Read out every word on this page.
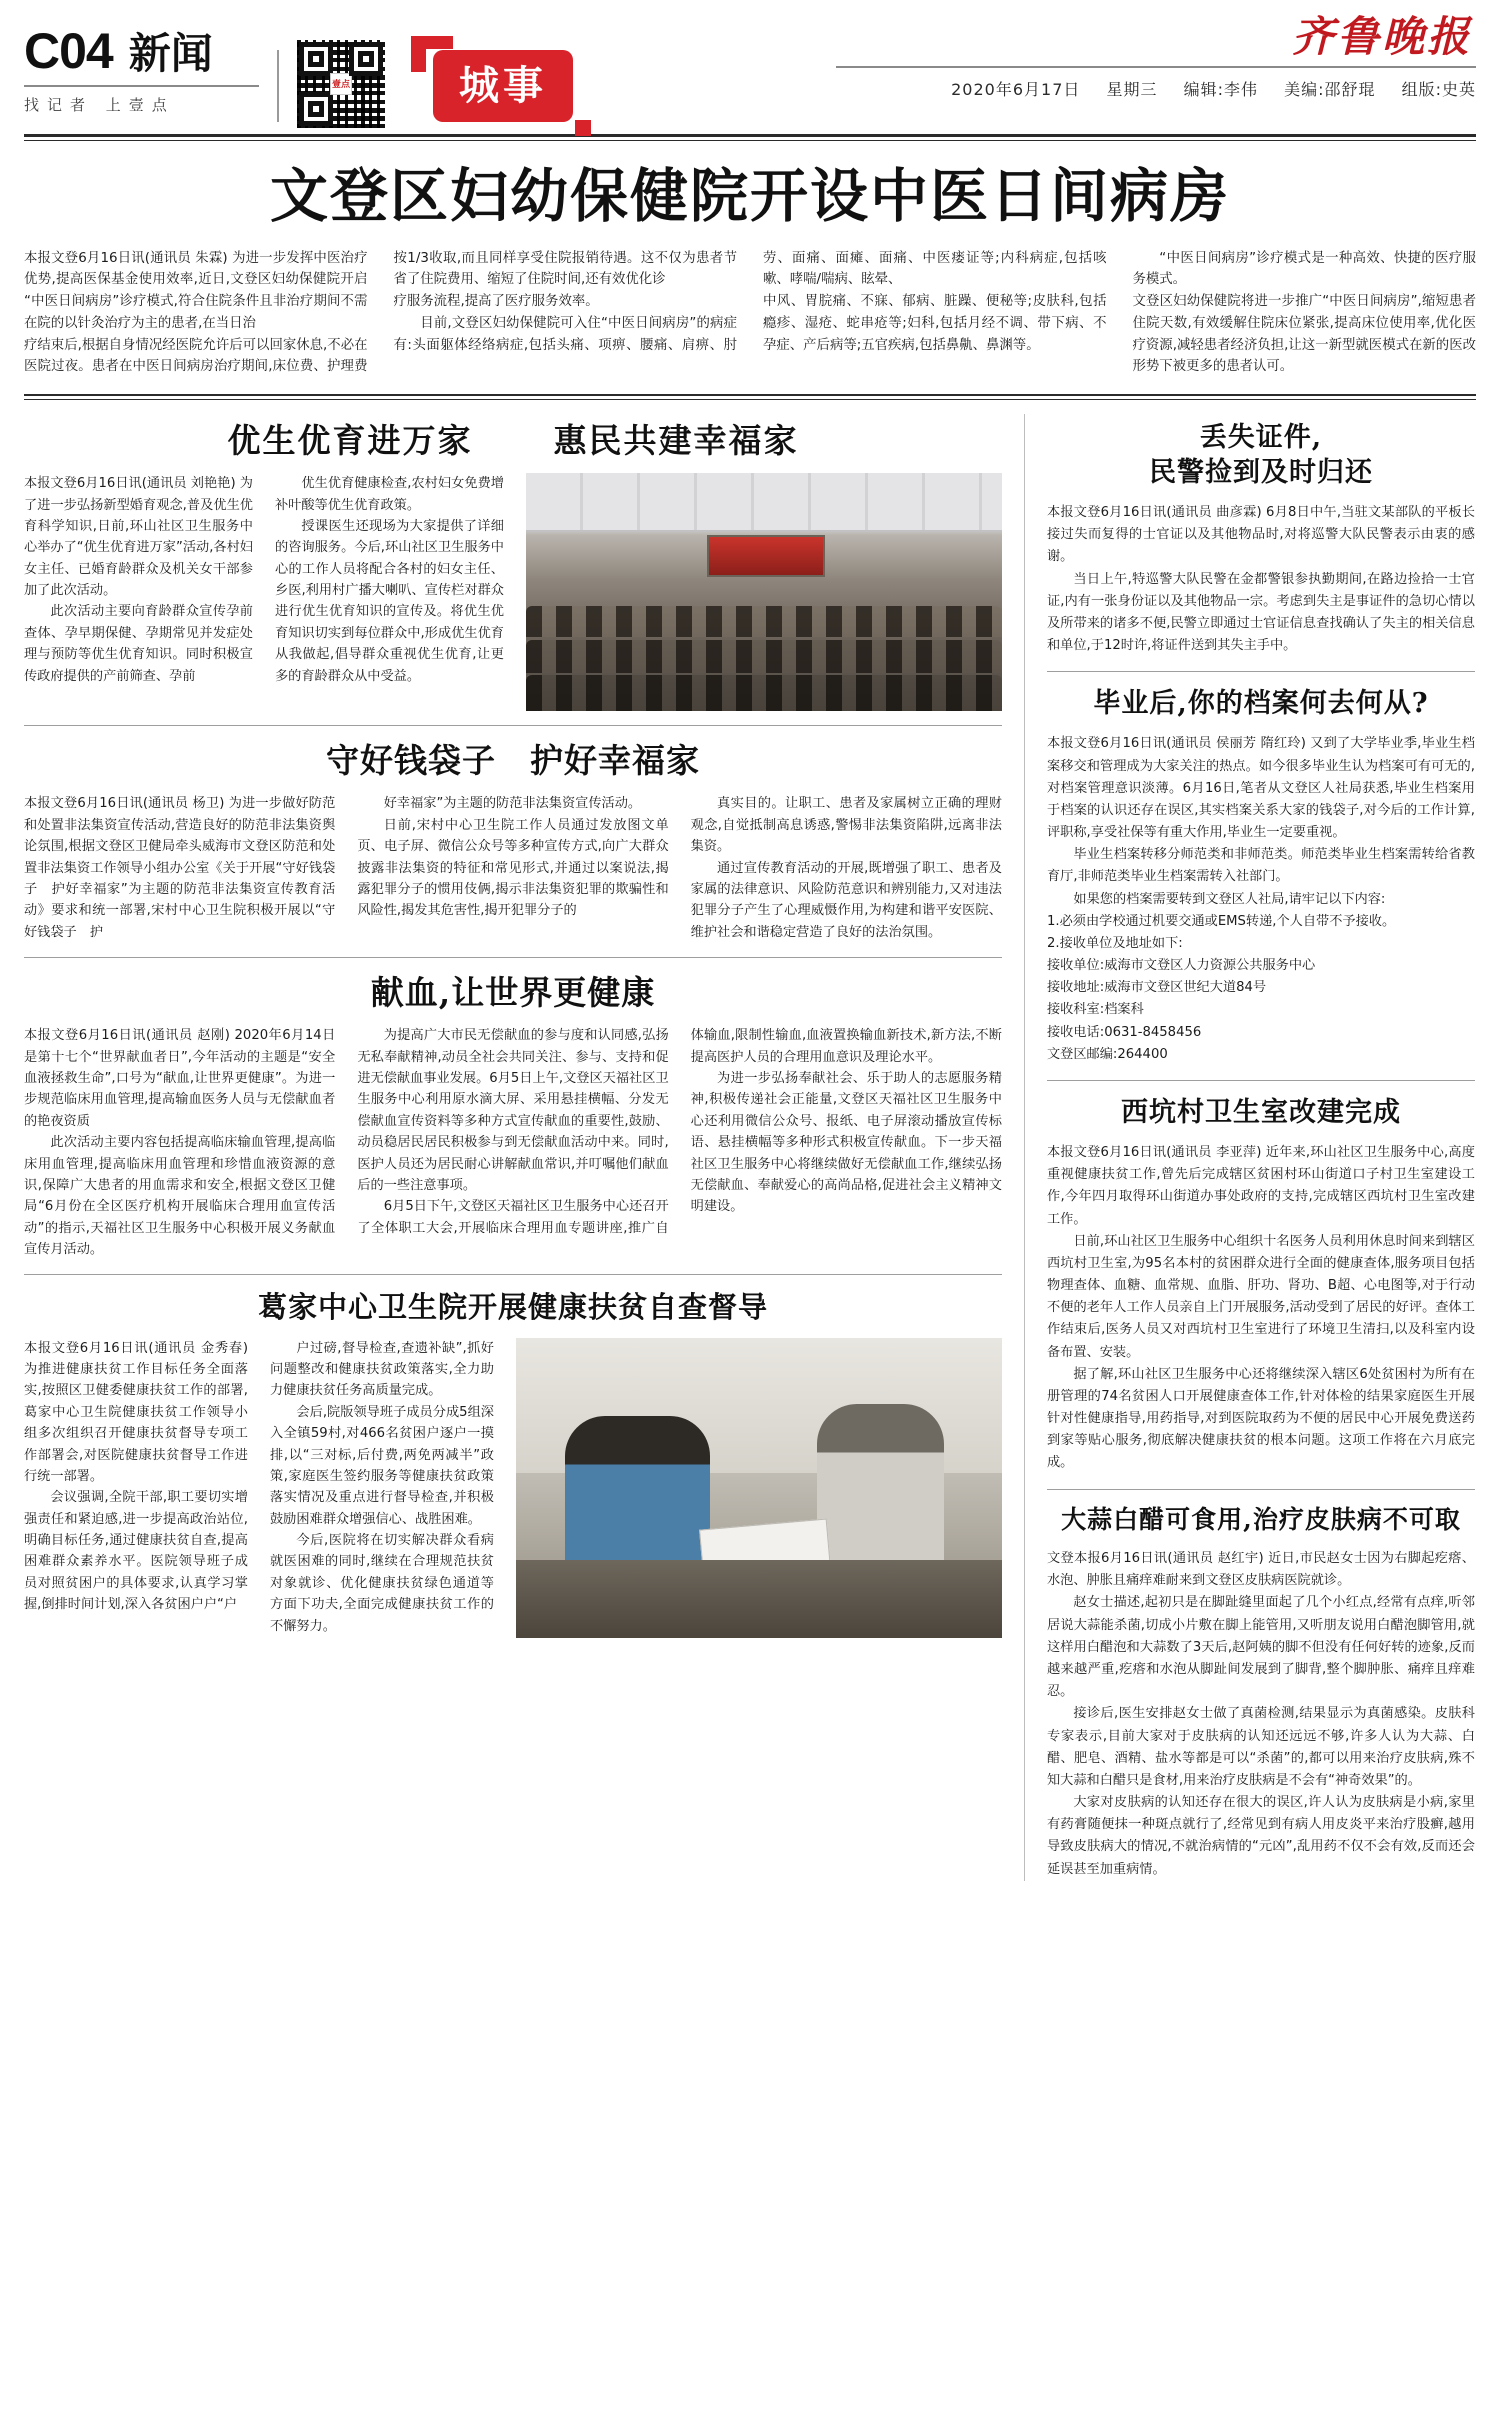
C04 新闻
找记者 上壹点
壹点	城事
齐鲁晚报
2020年6月17日 星期三 编辑:李伟 美编:邵舒琨 组版:史英
文登区妇幼保健院开设中医日间病房

本报文登6月16日讯(通讯员 朱霖) 为进一步发挥中医治疗优势,提高医保基金使用效率,近日,文登区妇幼保健院开启“中医日间病房”诊疗模式,符合住院条件且非治疗期间不需在院的以针灸治疗为主的患者,在当日治

疗结束后,根据自身情况经医院允许后可以回家休息,不必在医院过夜。患者在中医日间病房治疗期间,床位费、护理费按1/3收取,而且同样享受住院报销待遇。这不仅为患者节省了住院费用、缩短了住院时间,还有效优化诊

疗服务流程,提高了医疗服务效率。

目前,文登区妇幼保健院可入住“中医日间病房”的病症有:头面躯体经络病症,包括头痛、项痹、腰痛、肩痹、肘劳、面痛、面瘫、面痛、中医瘘证等;内科病症,包括咳嗽、哮喘/喘病、眩晕、

中风、胃脘痛、不寐、郁病、脏躁、便秘等;皮肤科,包括瘾疹、湿疮、蛇串疮等;妇科,包括月经不调、带下病、不孕症、产后病等;五官疾病,包括鼻鼽、鼻渊等。

“中医日间病房”诊疗模式是一种高效、快捷的医疗服务模式。

文登区妇幼保健院将进一步推广“中医日间病房”,缩短患者住院天数,有效缓解住院床位紧张,提高床位使用率,优化医疗资源,减轻患者经济负担,让这一新型就医模式在新的医改形势下被更多的患者认可。

优生优育进万家 惠民共建幸福家

本报文登6月16日讯(通讯员 刘艳艳) 为了进一步弘扬新型婚育观念,普及优生优育科学知识,日前,环山社区卫生服务中心举办了“优生优育进万家”活动,各村妇女主任、已婚育龄群众及机关女干部参加了此次活动。

此次活动主要向育龄群众宣传孕前查体、孕早期保健、孕期常见并发症处理与预防等优生优育知识。同时积极宣传政府提供的产前筛查、孕前

优生优育健康检查,农村妇女免费增补叶酸等优生优育政策。

授课医生还现场为大家提供了详细的咨询服务。今后,环山社区卫生服务中心的工作人员将配合各村的妇女主任、乡医,利用村广播大喇叭、宣传栏对群众进行优生优育知识的宣传及。将优生优育知识切实到每位群众中,形成优生优育从我做起,倡导群众重视优生优育,让更多的育龄群众从中受益。

守好钱袋子　护好幸福家

本报文登6月16日讯(通讯员 杨卫) 为进一步做好防范和处置非法集资宣传活动,营造良好的防范非法集资舆论氛围,根据文登区卫健局牵头威海市文登区防范和处置非法集资工作领导小组办公室《关于开展“守好钱袋子　护好幸福家”为主题的防范非法集资宣传教育活动》要求和统一部署,宋村中心卫生院积极开展以“守好钱袋子　护

好幸福家”为主题的防范非法集资宣传活动。

日前,宋村中心卫生院工作人员通过发放图文单页、电子屏、微信公众号等多种宣传方式,向广大群众披露非法集资的特征和常见形式,并通过以案说法,揭露犯罪分子的惯用伎俩,揭示非法集资犯罪的欺骗性和风险性,揭发其危害性,揭开犯罪分子的

真实目的。让职工、患者及家属树立正确的理财观念,自觉抵制高息诱惑,警惕非法集资陷阱,远离非法集资。

通过宣传教育活动的开展,既增强了职工、患者及家属的法律意识、风险防范意识和辨别能力,又对违法犯罪分子产生了心理威慑作用,为构建和谐平安医院、维护社会和谐稳定营造了良好的法治氛围。

献血,让世界更健康

本报文登6月16日讯(通讯员 赵刚) 2020年6月14日是第十七个“世界献血者日”,今年活动的主题是“安全血液拯救生命”,口号为“献血,让世界更健康”。为进一步规范临床用血管理,提高输血医务人员与无偿献血者的艳夜资质

此次活动主要内容包括提高临床输血管理,提高临床用血管理,提高临床用血管理和珍惜血液资源的意识,保障广大患者的用血需求和安全,根据文登区卫健局“6月份在全区医疗机构开展临床合理用血宣传活动”的指示,天福社区卫生服务中心积极开展义务献血宣传月活动。

为提高广大市民无偿献血的参与度和认同感,弘扬无私奉献精神,动员全社会共同关注、参与、支持和促进无偿献血事业发展。6月5日上午,文登区天福社区卫生服务中心利用原水滴大屏、采用悬挂横幅、分发无偿献血宣传资料等多种方式宣传献血的重要性,鼓励、动员稳居民居民积极参与到无偿献血活动中来。同时,医护人员还为居民耐心讲解献血常识,并叮嘱他们献血后的一些注意事项。

6月5日下午,文登区天福社区卫生服务中心还召开了全体职工大会,开展临床合理用血专题讲座,推广自体输血,限制性输血,血液置换输血新技术,新方法,不断提高医护人员的合理用血意识及理论水平。

为进一步弘扬奉献社会、乐于助人的志愿服务精神,积极传递社会正能量,文登区天福社区卫生服务中心还利用微信公众号、报纸、电子屏滚动播放宣传标语、悬挂横幅等多种形式积极宣传献血。下一步天福社区卫生服务中心将继续做好无偿献血工作,继续弘扬无偿献血、奉献爱心的高尚品格,促进社会主义精神文明建设。

葛家中心卫生院开展健康扶贫自查督导

本报文登6月16日讯(通讯员 金秀春) 为推进健康扶贫工作目标任务全面落实,按照区卫健委健康扶贫工作的部署,葛家中心卫生院健康扶贫工作领导小组多次组织召开健康扶贫督导专项工作部署会,对医院健康扶贫督导工作进行统一部署。

会议强调,全院干部,职工要切实增强责任和紧迫感,进一步提高政治站位,明确目标任务,通过健康扶贫自查,提高困难群众素养水平。医院领导班子成员对照贫困户的具体要求,认真学习掌握,倒排时间计划,深入各贫困户户“户

户过磅,督导检查,查遗补缺”,抓好问题整改和健康扶贫政策落实,全力助力健康扶贫任务高质量完成。

会后,院版领导班子成员分成5组深入全镇59村,对466名贫困户逐户一摸排,以“三对标,后付费,两免两减半”政策,家庭医生签约服务等健康扶贫政策落实情况及重点进行督导检查,并积极鼓励困难群众增强信心、战胜困难。

今后,医院将在切实解决群众看病就医困难的同时,继续在合理规范扶贫对象就诊、优化健康扶贫绿色通道等方面下功夫,全面完成健康扶贫工作的不懈努力。

丢失证件,
民警捡到及时归还

本报文登6月16日讯(通讯员 曲彦霖) 6月8日中午,当驻文某部队的平板长接过失而复得的士官证以及其他物品时,对将巡警大队民警表示由衷的感谢。

当日上午,特巡警大队民警在金都警银参执勤期间,在路边捡拾一士官证,内有一张身份证以及其他物品一宗。考虑到失主是事证件的急切心情以及所带来的诸多不便,民警立即通过士官证信息查找确认了失主的相关信息和单位,于12时许,将证件送到其失主手中。

毕业后,你的档案何去何从?

本报文登6月16日讯(通讯员 侯丽芳 隋红玲) 又到了大学毕业季,毕业生档案移交和管理成为大家关注的热点。如今很多毕业生认为档案可有可无的,对档案管理意识淡薄。6月16日,笔者从文登区人社局获悉,毕业生档案用于档案的认识还存在误区,其实档案关系大家的钱袋子,对今后的工作计算,评职称,享受社保等有重大作用,毕业生一定要重视。

毕业生档案转移分师范类和非师范类。师范类毕业生档案需转给省教育厅,非师范类毕业生档案需转入社部门。

如果您的档案需要转到文登区人社局,请牢记以下内容:

1.必须由学校通过机要交通或EMS转递,个人自带不予接收。

2.接收单位及地址如下:

接收单位:威海市文登区人力资源公共服务中心

接收地址:威海市文登区世纪大道84号

接收科室:档案科

接收电话:0631-8458456

文登区邮编:264400

西坑村卫生室改建完成

本报文登6月16日讯(通讯员 李亚萍) 近年来,环山社区卫生服务中心,高度重视健康扶贫工作,曾先后完成辖区贫困村环山街道口子村卫生室建设工作,今年四月取得环山街道办事处政府的支持,完成辖区西坑村卫生室改建工作。

日前,环山社区卫生服务中心组织十名医务人员利用休息时间来到辖区西坑村卫生室,为95名本村的贫困群众进行全面的健康查体,服务项目包括物理查体、血糖、血常规、血脂、肝功、肾功、B超、心电图等,对于行动不便的老年人工作人员亲自上门开展服务,活动受到了居民的好评。查体工作结束后,医务人员又对西坑村卫生室进行了环境卫生清扫,以及科室内设备布置、安装。

据了解,环山社区卫生服务中心还将继续深入辖区6处贫困村为所有在册管理的74名贫困人口开展健康查体工作,针对体检的结果家庭医生开展针对性健康指导,用药指导,对到医院取药为不便的居民中心开展免费送药到家等贴心服务,彻底解决健康扶贫的根本问题。这项工作将在六月底完成。

大蒜白醋可食用,治疗皮肤病不可取

文登本报6月16日讯(通讯员 赵红宇) 近日,市民赵女士因为右脚起疙瘩、水泡、肿胀且痛痒难耐来到文登区皮肤病医院就诊。

赵女士描述,起初只是在脚趾缝里面起了几个小红点,经常有点痒,听邻居说大蒜能杀菌,切成小片敷在脚上能管用,又听朋友说用白醋泡脚管用,就这样用白醋泡和大蒜数了3天后,赵阿姨的脚不但没有任何好转的迹象,反而越来越严重,疙瘩和水泡从脚趾间发展到了脚背,整个脚肿胀、痛痒且痒难忍。

接诊后,医生安排赵女士做了真菌检测,结果显示为真菌感染。皮肤科专家表示,目前大家对于皮肤病的认知还远远不够,许多人认为大蒜、白醋、肥皂、酒精、盐水等都是可以“杀菌”的,都可以用来治疗皮肤病,殊不知大蒜和白醋只是食材,用来治疗皮肤病是不会有“神奇效果”的。

大家对皮肤病的认知还存在很大的误区,许人认为皮肤病是小病,家里有药膏随便抹一种斑点就行了,经常见到有病人用皮炎平来治疗股癣,越用导致皮肤病大的情况,不就治病情的“元凶”,乱用药不仅不会有效,反而还会延误甚至加重病情。
